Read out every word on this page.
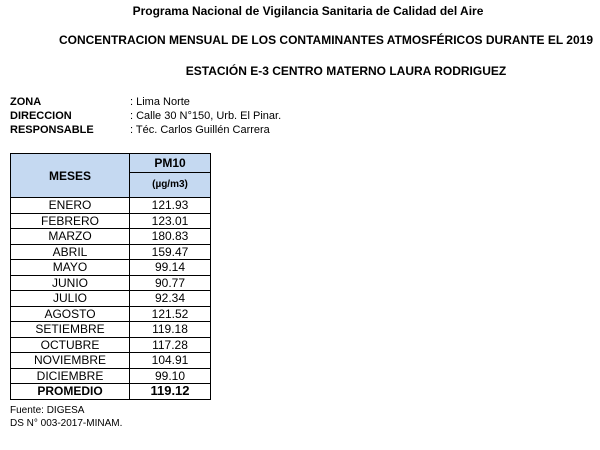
Programa Nacional de Vigilancia Sanitaria de Calidad del Aire
CONCENTRACION MENSUAL DE LOS CONTAMINANTES ATMOSFÉRICOS DURANTE EL 2019
ESTACIÓN E-3 CENTRO MATERNO LAURA RODRIGUEZ
ZONA	: Lima Norte
DIRECCION	: Calle 30 N°150, Urb. El Pinar.
RESPONSABLE	: Téc. Carlos Guillén Carrera
MESES	PM10
	(µg/m3)
ENERO	121.93
FEBRERO	123.01
MARZO	180.83
ABRIL	159.47
MAYO	99.14
JUNIO	90.77
JULIO	92.34
AGOSTO	121.52
SETIEMBRE	119.18
OCTUBRE	117.28
NOVIEMBRE	104.91
DICIEMBRE	99.10
PROMEDIO	119.12
Fuente: DIGESA
DS N° 003-2017-MINAM.
